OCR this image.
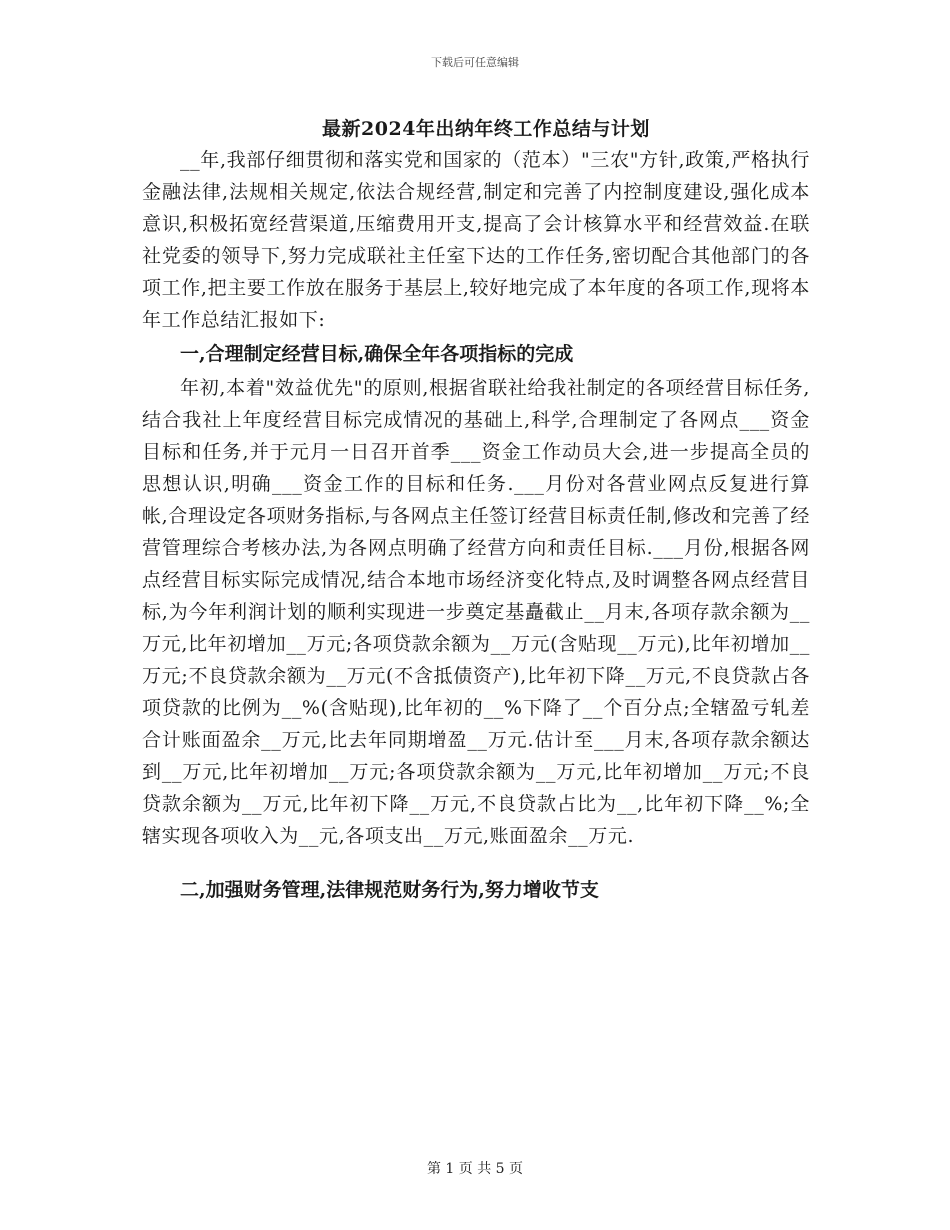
下载后可任意编辑
最新2024年出纳年终工作总结与计划

__年,我部仔细贯彻和落实党和国家的（范本）"三农"方针,政策,严格执行金融法律,法规相关规定,依法合规经营,制定和完善了内控制度建设,强化成本意识,积极拓宽经营渠道,压缩费用开支,提高了会计核算水平和经营效益.在联社党委的领导下,努力完成联社主任室下达的工作任务,密切配合其他部门的各项工作,把主要工作放在服务于基层上,较好地完成了本年度的各项工作,现将本年工作总结汇报如下:

一,合理制定经营目标,确保全年各项指标的完成

年初,本着"效益优先"的原则,根据省联社给我社制定的各项经营目标任务,结合我社上年度经营目标完成情况的基础上,科学,合理制定了各网点___资金目标和任务,并于元月一日召开首季___资金工作动员大会,进一步提高全员的思想认识,明确___资金工作的目标和任务.___月份对各营业网点反复进行算帐,合理设定各项财务指标,与各网点主任签订经营目标责任制,修改和完善了经营管理综合考核办法,为各网点明确了经营方向和责任目标.___月份,根据各网点经营目标实际完成情况,结合本地市场经济变化特点,及时调整各网点经营目标,为今年利润计划的顺利实现进一步奠定基矗截止__月末,各项存款余额为__万元,比年初增加__万元;各项贷款余额为__万元(含贴现__万元),比年初增加__万元;不良贷款余额为__万元(不含抵债资产),比年初下降__万元,不良贷款占各项贷款的比例为__%(含贴现),比年初的__%下降了__个百分点;全辖盈亏轧差合计账面盈余__万元,比去年同期增盈__万元.估计至___月末,各项存款余额达到__万元,比年初增加__万元;各项贷款余额为__万元,比年初增加__万元;不良贷款余额为__万元,比年初下降__万元,不良贷款占比为__,比年初下降__%;全辖实现各项收入为__元,各项支出__万元,账面盈余__万元.

二,加强财务管理,法律规范财务行为,努力增收节支

第 1 页 共 5 页
